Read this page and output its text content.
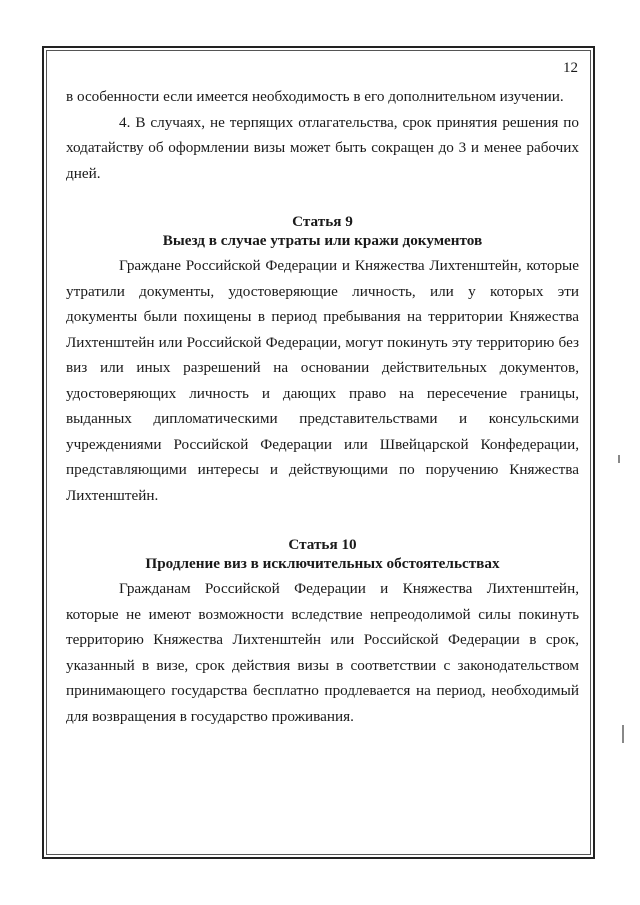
12

в особенности если имеется необходимость в его дополнительном изучении.

4. В случаях, не терпящих отлагательства, срок принятия решения по ходатайству об оформлении визы может быть сокращен до 3 и менее рабочих дней.

Статья 9

Выезд в случае утраты или кражи документов

Граждане Российской Федерации и Княжества Лихтенштейн, которые утратили документы, удостоверяющие личность, или у которых эти документы были похищены в период пребывания на территории Княжества Лихтенштейн или Российской Федерации, могут покинуть эту территорию без виз или иных разрешений на основании действительных документов, удостоверяющих личность и дающих право на пересечение границы, выданных дипломатическими представительствами и консульскими учреждениями Российской Федерации или Швейцарской Конфедерации, представляющими интересы и действующими по поручению Княжества Лихтенштейн.

Статья 10

Продление виз в исключительных обстоятельствах

Гражданам Российской Федерации и Княжества Лихтенштейн, которые не имеют возможности вследствие непреодолимой силы покинуть территорию Княжества Лихтенштейн или Российской Федерации в срок, указанный в визе, срок действия визы в соответствии с законодательством принимающего государства бесплатно продлевается на период, необходимый для возвращения в государство проживания.
